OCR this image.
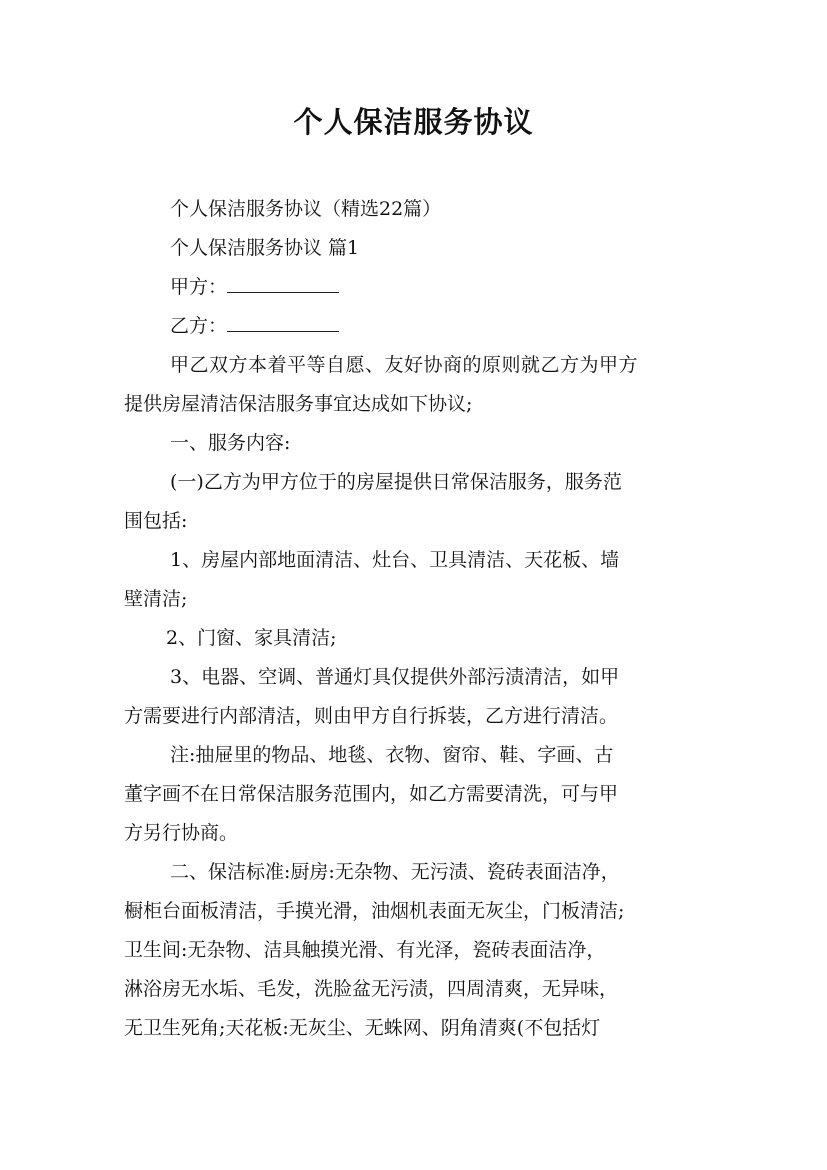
个人保洁服务协议

个人保洁服务协议（精选22篇）

个人保洁服务协议 篇1

甲方：

乙方：

甲乙双方本着平等自愿、友好协商的原则就乙方为甲方

提供房屋清洁保洁服务事宜达成如下协议;

一、服务内容:

(一)乙方为甲方位于的房屋提供日常保洁服务，服务范

围包括:

1、房屋内部地面清洁、灶台、卫具清洁、天花板、墙

壁清洁;

2、门窗、家具清洁;

3、电器、空调、普通灯具仅提供外部污渍清洁，如甲

方需要进行内部清洁，则由甲方自行拆装，乙方进行清洁。

注:抽屉里的物品、地毯、衣物、窗帘、鞋、字画、古

董字画不在日常保洁服务范围内，如乙方需要清洗，可与甲

方另行协商。

二、保洁标准:厨房:无杂物、无污渍、瓷砖表面洁净，

橱柜台面板清洁，手摸光滑，油烟机表面无灰尘，门板清洁;

卫生间:无杂物、洁具触摸光滑、有光泽，瓷砖表面洁净，

淋浴房无水垢、毛发，洗脸盆无污渍，四周清爽，无异味，

无卫生死角;天花板:无灰尘、无蛛网、阴角清爽(不包括灯
